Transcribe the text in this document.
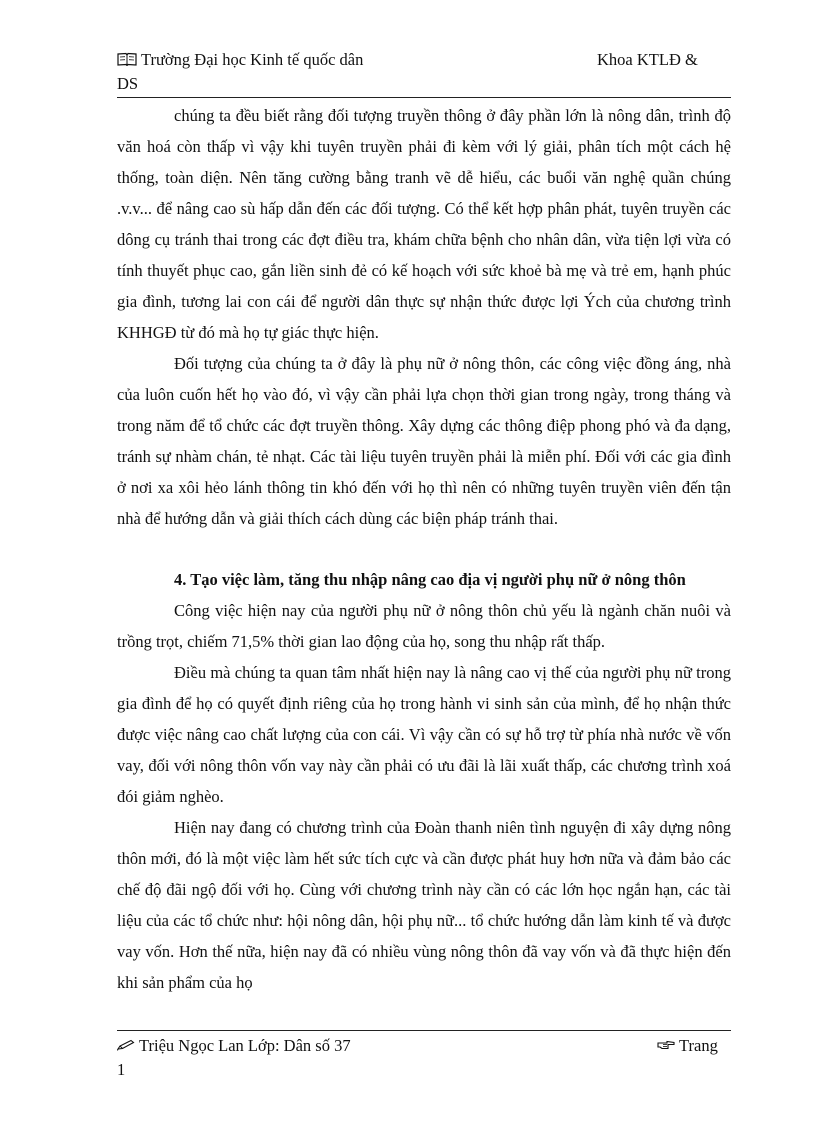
Trường Đại học Kinh tế quốc dân	Khoa KTLĐ &
DS

chúng ta đều biết rằng đối tượng truyền thông ở đây phần lớn là nông dân, trình độ văn hoá còn thấp vì vậy khi tuyên truyền phải đi kèm với lý giải, phân tích một cách hệ thống, toàn diện. Nên tăng cường bằng tranh vẽ dễ hiểu, các buổi văn nghệ quần chúng .v.v... để nâng cao sù hấp dẫn đến các đối tượng. Có thể kết hợp phân phát, tuyên truyền các dông cụ tránh thai trong các đợt điều tra, khám chữa bệnh cho nhân dân, vừa tiện lợi vừa có tính thuyết phục cao, gắn liền sinh đẻ có kế hoạch với sức khoẻ bà mẹ và trẻ em, hạnh phúc gia đình, tương lai con cái để người dân thực sự nhận thức được lợi Ých của chương trình KHHGĐ từ đó mà họ tự giác thực hiện.

Đối tượng của chúng ta ở đây là phụ nữ ở nông thôn, các công việc đồng áng, nhà của luôn cuốn hết họ vào đó, vì vậy cần phải lựa chọn thời gian trong ngày, trong tháng và trong năm để tổ chức các đợt truyền thông. Xây dựng các thông điệp phong phó và đa dạng, tránh sự nhàm chán, tẻ nhạt. Các tài liệu tuyên truyền phải là miễn phí. Đối với các gia đình ở nơi xa xôi hẻo lánh thông tin khó đến với họ thì nên có những tuyên truyền viên đến tận nhà để hướng dẫn và giải thích cách dùng các biện pháp tránh thai.

4. Tạo việc làm, tăng thu nhập nâng cao địa vị người phụ nữ ở nông thôn

Công việc hiện nay của người phụ nữ ở nông thôn chủ yếu là ngành chăn nuôi và trồng trọt, chiếm 71,5% thời gian lao động của họ, song thu nhập rất thấp.

Điều mà chúng ta quan tâm nhất hiện nay là nâng cao vị thế của người phụ nữ trong gia đình để họ có quyết định riêng của họ trong hành vi sinh sản của mình, để họ nhận thức được việc nâng cao chất lượng của con cái. Vì vậy cần có sự hỗ trợ từ phía nhà nước về vốn vay, đối với nông thôn vốn vay này cần phải có ưu đãi là lãi xuất thấp, các chương trình xoá đói giảm nghèo.

Hiện nay đang có chương trình của Đoàn thanh niên tình nguyện đi xây dựng nông thôn mới, đó là một việc làm hết sức tích cực và cần được phát huy hơn nữa và đảm bảo các chế độ đãi ngộ đối với họ. Cùng với chương trình này cần có các lớn học ngắn hạn, các tài liệu của các tổ chức như: hội nông dân, hội phụ nữ... tổ chức hướng dẫn làm kinh tế và được vay vốn. Hơn thế nữa, hiện nay đã có nhiều vùng nông thôn đã vay vốn và đã thực hiện đến khi sản phẩm của họ

Triệu Ngọc Lan Lớp: Dân số 37	Trang
1
